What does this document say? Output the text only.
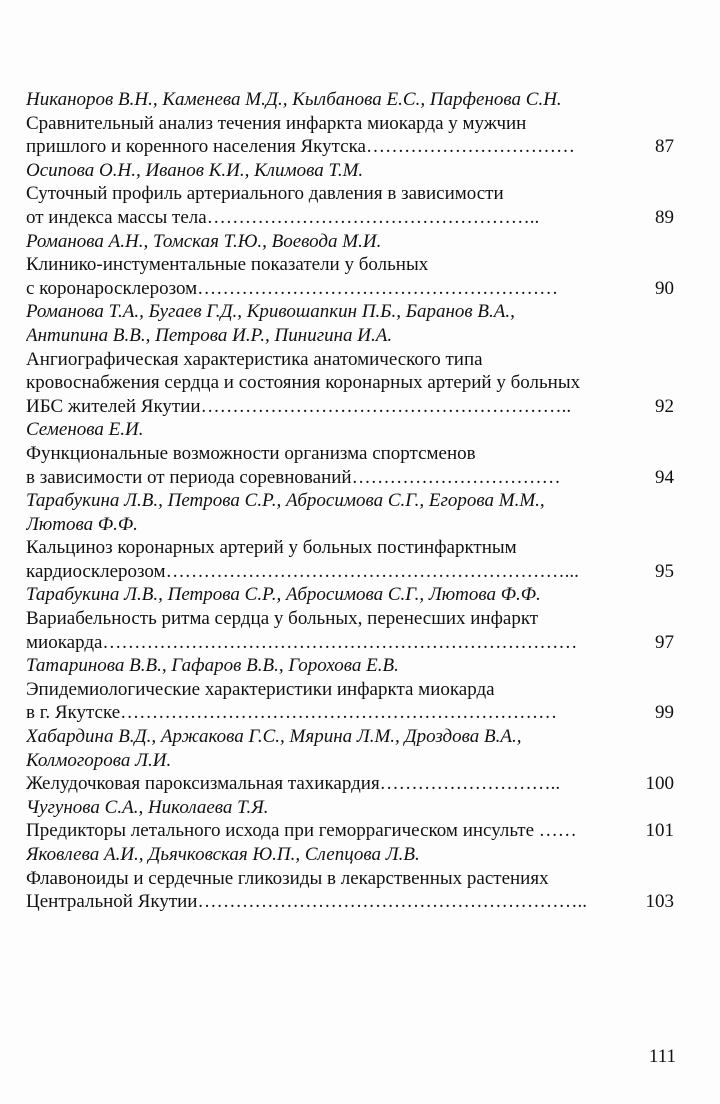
Никаноров В.Н., Каменева М.Д., Кылбанова Е.С., Парфенова С.Н.
Сравнительный анализ течения инфаркта миокарда у мужчин
пришлого и коренного населения Якутска……………………………	87
Осипова О.Н., Иванов К.И., Климова Т.М.
Суточный профиль артериального давления в зависимости
от индекса массы тела……………………………………………..	89
Романова А.Н., Томская Т.Ю., Воевода М.И.
Клинико-инстументальные показатели у больных
с коронаросклерозом…………………………………………………	90
Романова Т.А., Бугаев Г.Д., Кривошапкин П.Б., Баранов В.А.,
Антипина В.В., Петрова И.Р., Пинигина И.А.
Ангиографическая характеристика анатомического типа
кровоснабжения сердца и состояния коронарных артерий у больных
ИБС жителей Якутии…………………………………………………..	92
Семенова Е.И.
Функциональные возможности организма спортсменов
в зависимости от периода соревнований……………………………	94
Тарабукина Л.В., Петрова С.Р., Абросимова С.Г., Егорова М.М.,
Лютова Ф.Ф.
Кальциноз коронарных артерий у больных постинфарктным
кардиосклерозом………………………………………………………...	95
Тарабукина Л.В., Петрова С.Р., Абросимова С.Г., Лютова Ф.Ф.
Вариабельность ритма сердца у больных, перенесших инфаркт
миокарда…………………………………………………………………	97
Татаринова В.В., Гафаров В.В., Горохова Е.В.
Эпидемиологические характеристики инфаркта миокарда
в г. Якутске……………………………………………………………	99
Хабардина В.Д., Аржакова Г.С., Мярина Л.М., Дроздова В.А.,
Колмогорова Л.И.
Желудочковая пароксизмальная тахикардия………………………..	100
Чугунова С.А., Николаева Т.Я.
Предикторы летального исхода при геморрагическом инсульте ……	101
Яковлева А.И., Дьячковская Ю.П., Слепцова Л.В.
Флавоноиды и сердечные гликозиды в лекарственных растениях
Центральной Якутии……………………………………………………..	103
111
